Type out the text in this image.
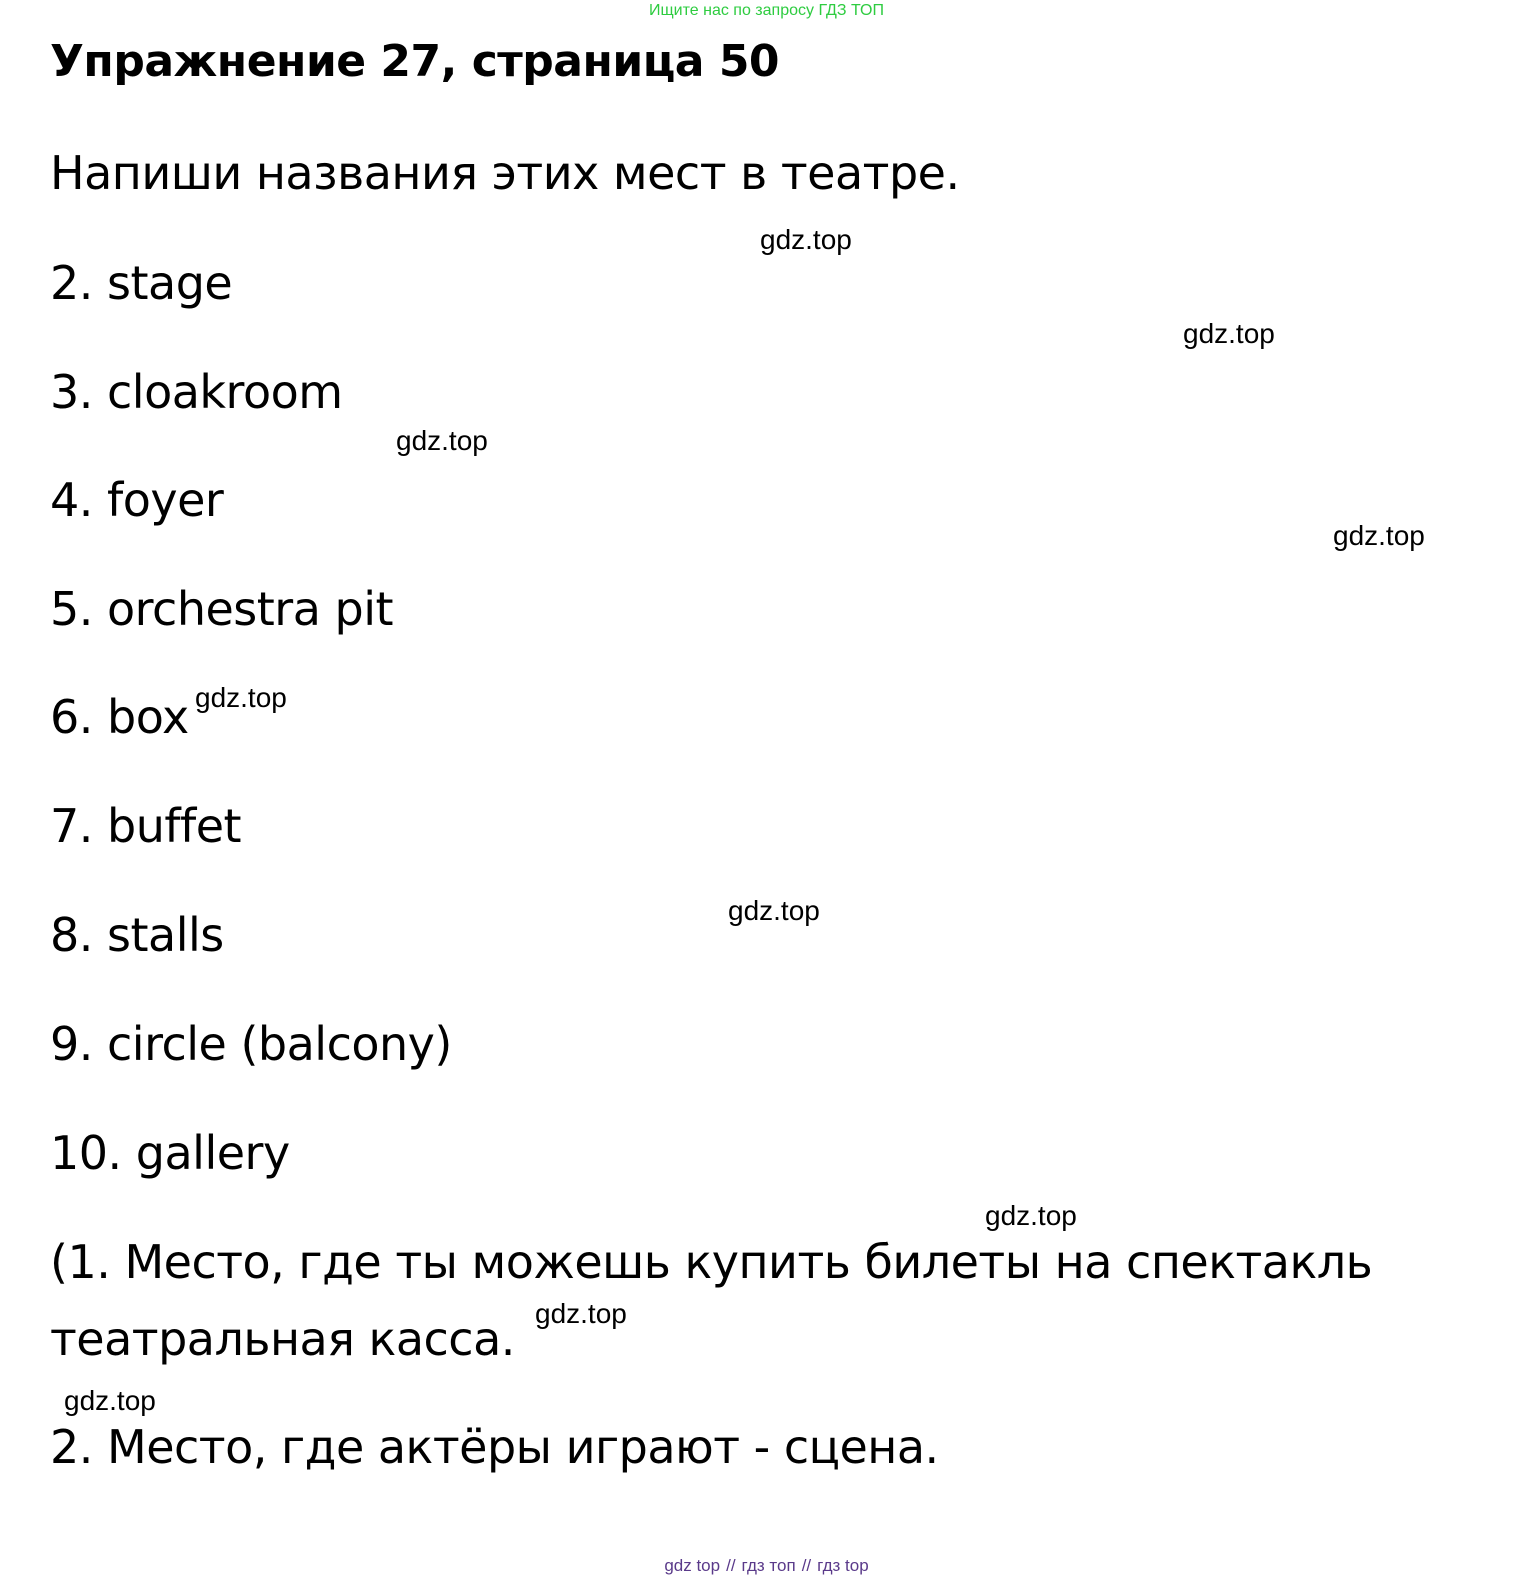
Ищите нас по запросу ГДЗ ТОП
Упражнение 27, страница 50
Напиши названия этих мест в театре.
2. stage
3. cloakroom
4. foyer
5. orchestra pit
6. box
7. buffet
8. stalls
9. circle (balcony)
10. gallery
(1. Место, где ты можешь купить билеты на спектакль
театральная касса.
2. Место, где актёры играют - сцена.
gdz.top
gdz.top
gdz.top
gdz.top
gdz.top
gdz.top
gdz.top
gdz.top
gdz.top
gdz top // гдз топ // гдз top
